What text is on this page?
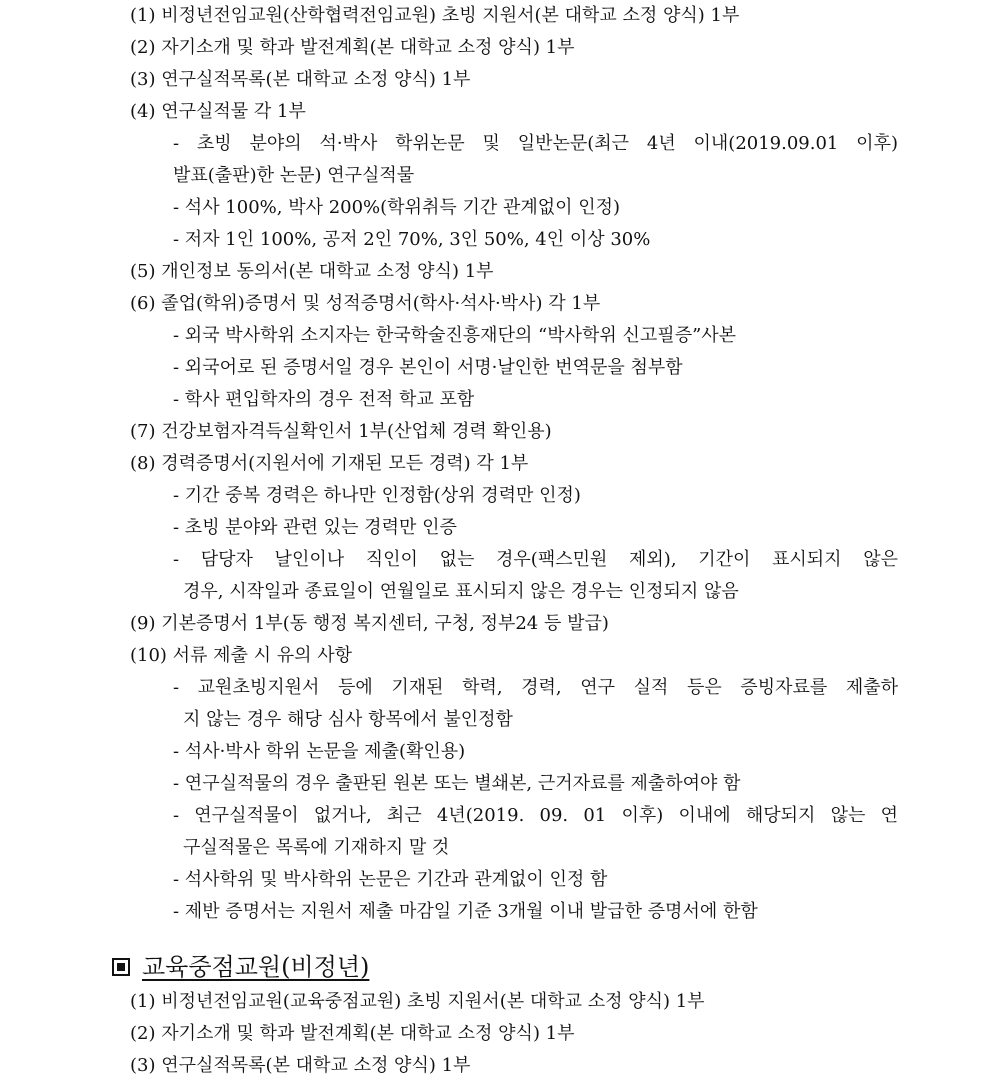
(1) 비정년전임교원(산학협력전임교원) 초빙 지원서(본 대학교 소정 양식) 1부
(2) 자기소개 및 학과 발전계획(본 대학교 소정 양식) 1부
(3) 연구실적목록(본 대학교 소정 양식) 1부
(4) 연구실적물 각 1부
- 초빙 분야의 석·박사 학위논문 및 일반논문(최근 4년 이내(2019.09.01 이후)
발표(출판)한 논문) 연구실적물
- 석사 100%, 박사 200%(학위취득 기간 관계없이 인정)
- 저자 1인 100%, 공저 2인 70%, 3인 50%, 4인 이상 30%
(5) 개인정보 동의서(본 대학교 소정 양식) 1부
(6) 졸업(학위)증명서 및 성적증명서(학사·석사·박사) 각 1부
- 외국 박사학위 소지자는 한국학술진흥재단의 “박사학위 신고필증”사본
- 외국어로 된 증명서일 경우 본인이 서명·날인한 번역문을 첨부함
- 학사 편입학자의 경우 전적 학교 포함
(7) 건강보험자격득실확인서 1부(산업체 경력 확인용)
(8) 경력증명서(지원서에 기재된 모든 경력) 각 1부
- 기간 중복 경력은 하나만 인정함(상위 경력만 인정)
- 초빙 분야와 관련 있는 경력만 인증
- 담당자 날인이나 직인이 없는 경우(팩스민원 제외), 기간이 표시되지 않은
경우, 시작일과 종료일이 연월일로 표시되지 않은 경우는 인정되지 않음
(9) 기본증명서 1부(동 행정 복지센터, 구청, 정부24 등 발급)
(10) 서류 제출 시 유의 사항
- 교원초빙지원서 등에 기재된 학력, 경력, 연구 실적 등은 증빙자료를 제출하
지 않는 경우 해당 심사 항목에서 불인정함
- 석사·박사 학위 논문을 제출(확인용)
- 연구실적물의 경우 출판된 원본 또는 별쇄본, 근거자료를 제출하여야 함
- 연구실적물이 없거나, 최근 4년(2019. 09. 01 이후) 이내에 해당되지 않는 연
구실적물은 목록에 기재하지 말 것
- 석사학위 및 박사학위 논문은 기간과 관계없이 인정 함
- 제반 증명서는 지원서 제출 마감일 기준 3개월 이내 발급한 증명서에 한함
교육중점교원(비정년)
(1) 비정년전임교원(교육중점교원) 초빙 지원서(본 대학교 소정 양식) 1부
(2) 자기소개 및 학과 발전계획(본 대학교 소정 양식) 1부
(3) 연구실적목록(본 대학교 소정 양식) 1부
